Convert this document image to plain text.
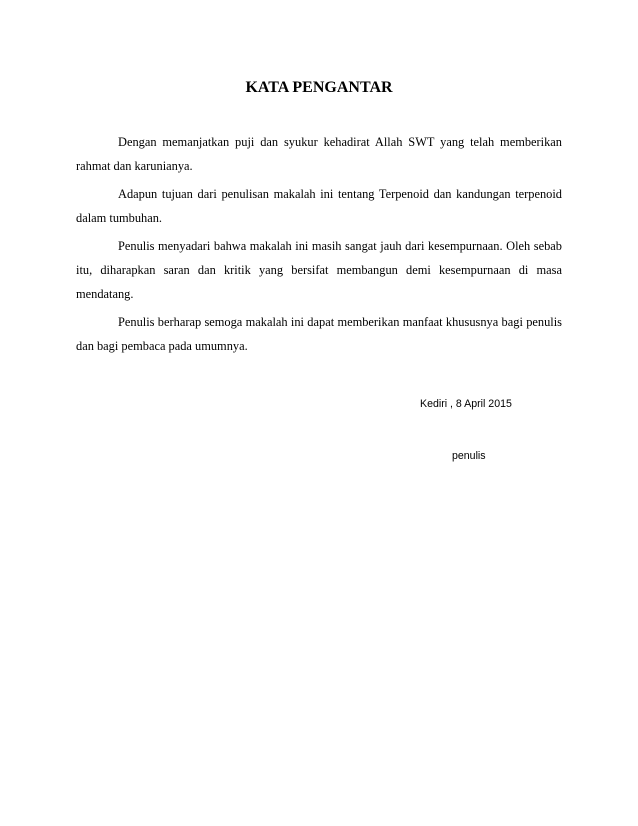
KATA PENGANTAR

Dengan memanjatkan puji dan syukur kehadirat Allah SWT yang telah memberikan rahmat dan karunianya.

Adapun tujuan dari penulisan makalah ini tentang Terpenoid dan kandungan terpenoid dalam tumbuhan.

Penulis menyadari bahwa makalah ini masih sangat jauh dari kesempurnaan. Oleh sebab itu, diharapkan saran dan kritik yang bersifat membangun demi kesempurnaan di masa mendatang.

Penulis berharap semoga makalah ini dapat memberikan manfaat khususnya bagi penulis dan bagi pembaca pada umumnya.

Kediri , 8 April 2015
penulis
